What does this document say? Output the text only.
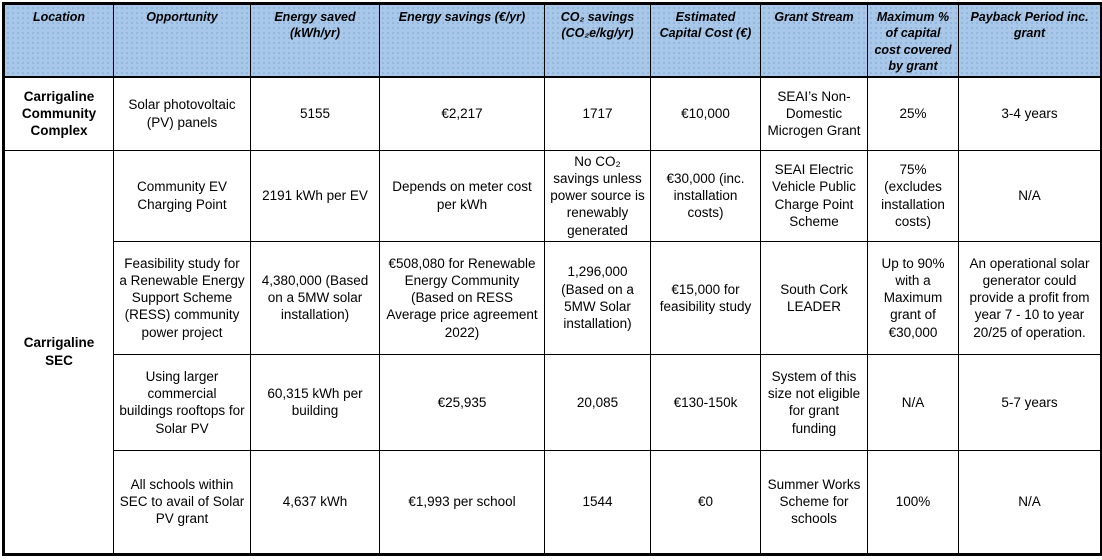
Location	Opportunity	Energy saved (kWh/yr)	Energy savings (€/yr)	CO₂ savings (CO₂e/kg/yr)	Estimated Capital Cost (€)	Grant Stream	Maximum % of capital cost covered by grant	Payback Period inc. grant
Carrigaline Community Complex	Solar photovoltaic (PV) panels	5155	€2,217	1717	€10,000	SEAI’s Non-Domestic Microgen Grant	25%	3-4 years
Carrigaline SEC	Community EV Charging Point	2191 kWh per EV	Depends on meter cost per kWh	No CO₂ savings unless power source is renewably generated	€30,000 (inc. installation costs)	SEAI Electric Vehicle Public Charge Point Scheme	75% (excludes installation costs)	N/A
	Feasibility study for a Renewable Energy Support Scheme (RESS) community power project	4,380,000 (Based on a 5MW solar installation)	€508,080 for Renewable Energy Community (Based on RESS Average price agreement 2022)	1,296,000 (Based on a 5MW Solar installation)	€15,000 for feasibility study	South Cork LEADER	Up to 90% with a Maximum grant of €30,000	An operational solar generator could provide a profit from year 7 - 10 to year 20/25 of operation.
	Using larger commercial buildings rooftops for Solar PV	60,315 kWh per building	€25,935	20,085	€130-150k	System of this size not eligible for grant funding	N/A	5-7 years
	All schools within SEC to avail of Solar PV grant	4,637 kWh	€1,993 per school	1544	€0	Summer Works Scheme for schools	100%	N/A
